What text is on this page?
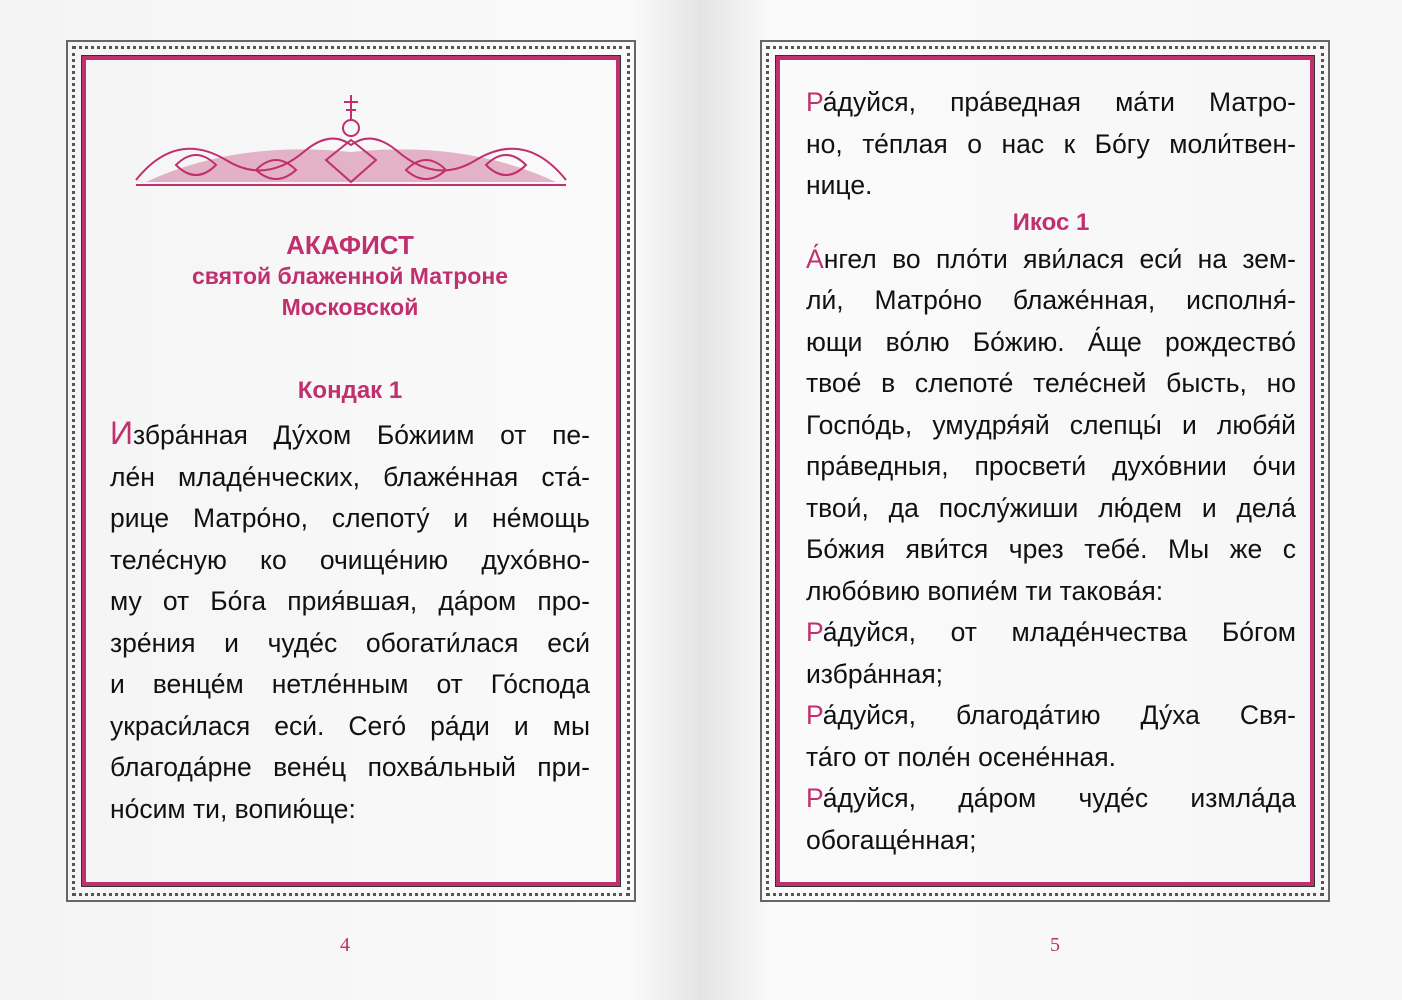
АКАФИСТ
святой блаженной Матроне
Московской
Кондак 1
Избра́нная Ду́хом Бо́жиим от пе-
ле́н младе́нческих, блаже́нная ста́-
рице Матро́но, слепоту́ и не́мощь
теле́сную ко очище́нию духо́вно-
му от Бо́га прия́вшая, да́ром про-
зре́ния и чуде́с обогати́лася еси́
и венце́м нетле́нным от Го́спода
украси́лася еси́. Сего́ ра́ди и мы
благода́рне вене́ц похва́льный при-
но́сим ти, вопию́ще:
4
Ра́дуйся, пра́ведная ма́ти Матро-
но, те́плая о нас к Бо́гу моли́твен-
нице.
Икос 1
А́нгел во пло́ти яви́лася еси́ на зем-
ли́, Матро́но блаже́нная, исполня́-
ющи во́лю Бо́жию. А́ще рождество́
твое́ в слепоте́ теле́сней бысть, но
Госпо́дь, умудря́яй слепцы́ и любя́й
пра́ведныя, просвети́ духо́внии о́чи
твои́, да послу́жиши лю́дем и дела́
Бо́жия яви́тся чрез тебе́. Мы же с
любо́вию вопие́м ти такова́я:
Ра́дуйся, от младе́нчества Бо́гом
избра́нная;
Ра́дуйся, благода́тию Ду́ха Свя-
та́го от поле́н осене́нная.
Ра́дуйся, да́ром чуде́с измла́да
обогаще́нная;
5
